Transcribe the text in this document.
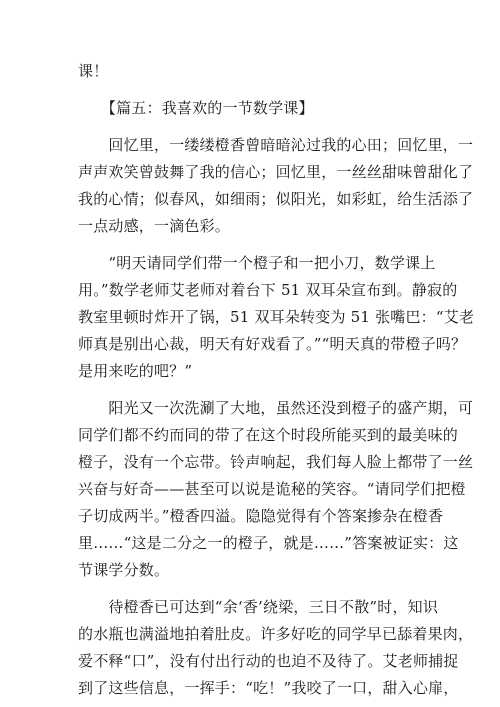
课！
　　【篇五：我喜欢的一节数学课】
　　回忆里，一缕缕橙香曾暗暗沁过我的心田；回忆里，一
声声欢笑曾鼓舞了我的信心；回忆里，一丝丝甜味曾甜化了
我的心情；似春风，如细雨；似阳光，如彩虹，给生活添了
一点动感，一滴色彩。
　　“明天请同学们带一个橙子和一把小刀，数学课上
用。”数学老师艾老师对着台下 51 双耳朵宣布到。静寂的
教室里顿时炸开了锅，51 双耳朵转变为 51 张嘴巴：“艾老
师真是别出心裁，明天有好戏看了。”“明天真的带橙子吗？
是用来吃的吧？”
　　阳光又一次洗涮了大地，虽然还没到橙子的盛产期，可
同学们都不约而同的带了在这个时段所能买到的最美味的
橙子，没有一个忘带。铃声响起，我们每人脸上都带了一丝
兴奋与好奇——甚至可以说是诡秘的笑容。“请同学们把橙
子切成两半。”橙香四溢。隐隐觉得有个答案掺杂在橙香
里……“这是二分之一的橙子，就是……”答案被证实：这
节课学分数。
　　待橙香已可达到“余‘香’绕梁，三日不散”时，知识
的水瓶也满溢地拍着肚皮。许多好吃的同学早已舔着果肉，
爱不释“口”，没有付出行动的也迫不及待了。艾老师捕捉
到了这些信息，一挥手：“吃！”我咬了一口，甜入心扉，
